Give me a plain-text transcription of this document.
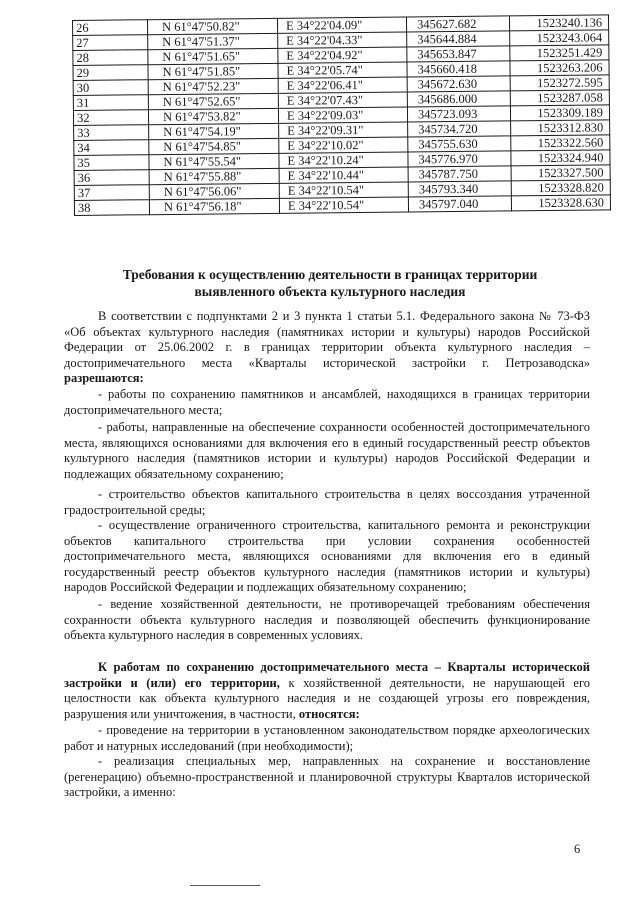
26	N 61°47'50.82"	E 34°22'04.09"	345627.682	1523240.136
27	N 61°47'51.37"	E 34°22'04.33"	345644.884	1523243.064
28	N 61°47'51.65"	E 34°22'04.92"	345653.847	1523251.429
29	N 61°47'51.85"	E 34°22'05.74"	345660.418	1523263.206
30	N 61°47'52.23"	E 34°22'06.41"	345672.630	1523272.595
31	N 61°47'52.65"	E 34°22'07.43"	345686.000	1523287.058
32	N 61°47'53.82"	E 34°22'09.03"	345723.093	1523309.189
33	N 61°47'54.19"	E 34°22'09.31"	345734.720	1523312.830
34	N 61°47'54.85"	E 34°22'10.02"	345755.630	1523322.560
35	N 61°47'55.54"	E 34°22'10.24"	345776.970	1523324.940
36	N 61°47'55.88"	E 34°22'10.44"	345787.750	1523327.500
37	N 61°47'56.06"	E 34°22'10.54"	345793.340	1523328.820
38	N 61°47'56.18"	E 34°22'10.54"	345797.040	1523328.630
Требования к осуществлению деятельности в границах территории выявленного объекта культурного наследия

В соответствии с подпунктами 2 и 3 пункта 1 статьи 5.1. Федерального закона № 73-ФЗ «Об объектах культурного наследия (памятниках истории и культуры) народов Российской Федерации от 25.06.2002 г. в границах территории объекта культурного наследия – достопримечательного места «Кварталы исторической застройки г. Петрозаводска» разрешаются:

- работы по сохранению памятников и ансамблей, находящихся в границах территории достопримечательного места;

- работы, направленные на обеспечение сохранности особенностей достопримечательного места, являющихся основаниями для включения его в единый государственный реестр объектов культурного наследия (памятников истории и культуры) народов Российской Федерации и подлежащих обязательному сохранению;

- строительство объектов капитального строительства в целях воссоздания утраченной градостроительной среды;

- осуществление ограниченного строительства, капитального ремонта и реконструкции объектов капитального строительства при условии сохранения особенностей достопримечательного места, являющихся основаниями для включения его в единый государственный реестр объектов культурного наследия (памятников истории и культуры) народов Российской Федерации и подлежащих обязательному сохранению;

- ведение хозяйственной деятельности, не противоречащей требованиям обеспечения сохранности объекта культурного наследия и позволяющей обеспечить функционирование объекта культурного наследия в современных условиях.

К работам по сохранению достопримечательного места – Кварталы исторической застройки и (или) его территории, к хозяйственной деятельности, не нарушающей его целостности как объекта культурного наследия и не создающей угрозы его повреждения, разрушения или уничтожения, в частности, относятся:

- проведение на территории в установленном законодательством порядке археологических работ и натурных исследований (при необходимости);

- реализация специальных мер, направленных на сохранение и восстановление (регенерацию) объемно-пространственной и планировочной структуры Кварталов исторической застройки, а именно:

6
